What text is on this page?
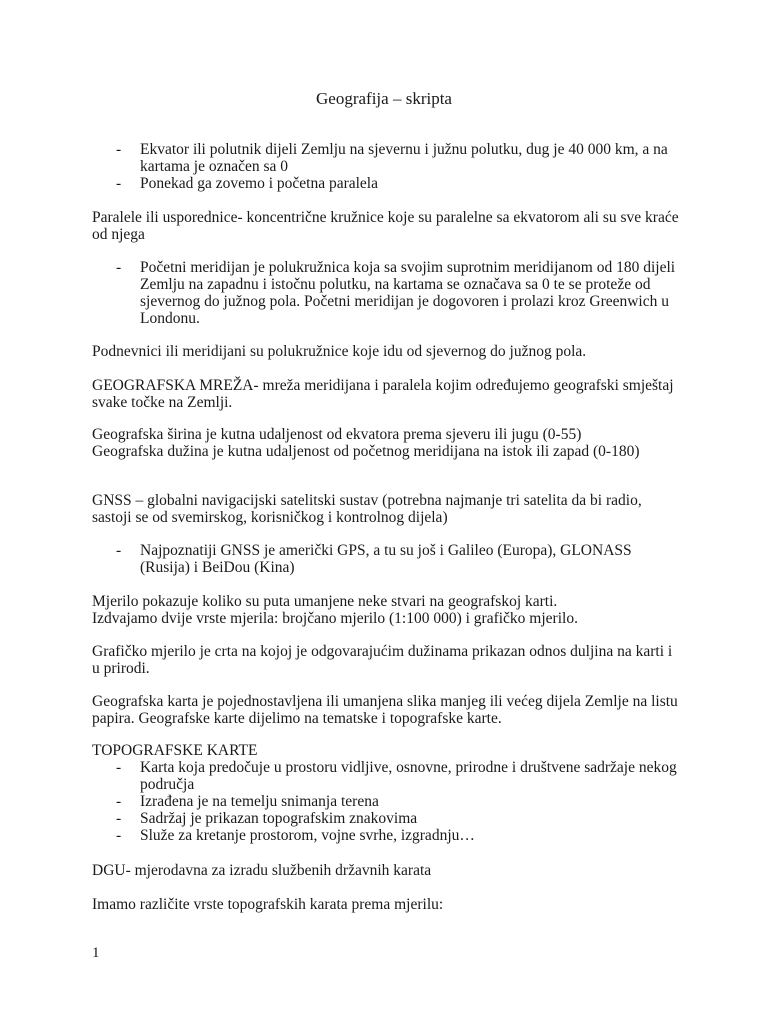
Geografija – skripta
- Ekvator ili polutnik dijeli Zemlju na sjevernu i južnu polutku, dug je 40 000 km, a na kartama je označen sa 0
- Ponekad ga zovemo i početna paralela

Paralele ili usporednice- koncentrične kružnice koje su paralelne sa ekvatorom ali su sve kraće od njega

- Početni meridijan je polukružnica koja sa svojim suprotnim meridijanom od 180 dijeli Zemlju na zapadnu i istočnu polutku, na kartama se označava sa 0 te se proteže od sjevernog do južnog pola. Početni meridijan je dogovoren i prolazi kroz Greenwich u Londonu.

Podnevnici ili meridijani su polukružnice koje idu od sjevernog do južnog pola.

GEOGRAFSKA MREŽA- mreža meridijana i paralela kojim određujemo geografski smještaj svake točke na Zemlji.

Geografska širina je kutna udaljenost od ekvatora prema sjeveru ili jugu (0-55)

Geografska dužina je kutna udaljenost od početnog meridijana na istok ili zapad (0-180)

GNSS – globalni navigacijski satelitski sustav (potrebna najmanje tri satelita da bi radio, sastoji se od svemirskog, korisničkog i kontrolnog dijela)

- Najpoznatiji GNSS je američki GPS, a tu su još i Galileo (Europa), GLONASS (Rusija) i BeiDou (Kina)

Mjerilo pokazuje koliko su puta umanjene neke stvari na geografskoj karti.

Izdvajamo dvije vrste mjerila: brojčano mjerilo (1:100 000) i grafičko mjerilo.

Grafičko mjerilo je crta na kojoj je odgovarajućim dužinama prikazan odnos duljina na karti i u prirodi.

Geografska karta je pojednostavljena ili umanjena slika manjeg ili većeg dijela Zemlje na listu papira. Geografske karte dijelimo na tematske i topografske karte.

TOPOGRAFSKE KARTE

- Karta koja predočuje u prostoru vidljive, osnovne, prirodne i društvene sadržaje nekog područja
- Izrađena je na temelju snimanja terena
- Sadržaj je prikazan topografskim znakovima
- Služe za kretanje prostorom, vojne svrhe, izgradnju…

DGU- mjerodavna za izradu službenih državnih karata

Imamo različite vrste topografskih karata prema mjerilu:

1
